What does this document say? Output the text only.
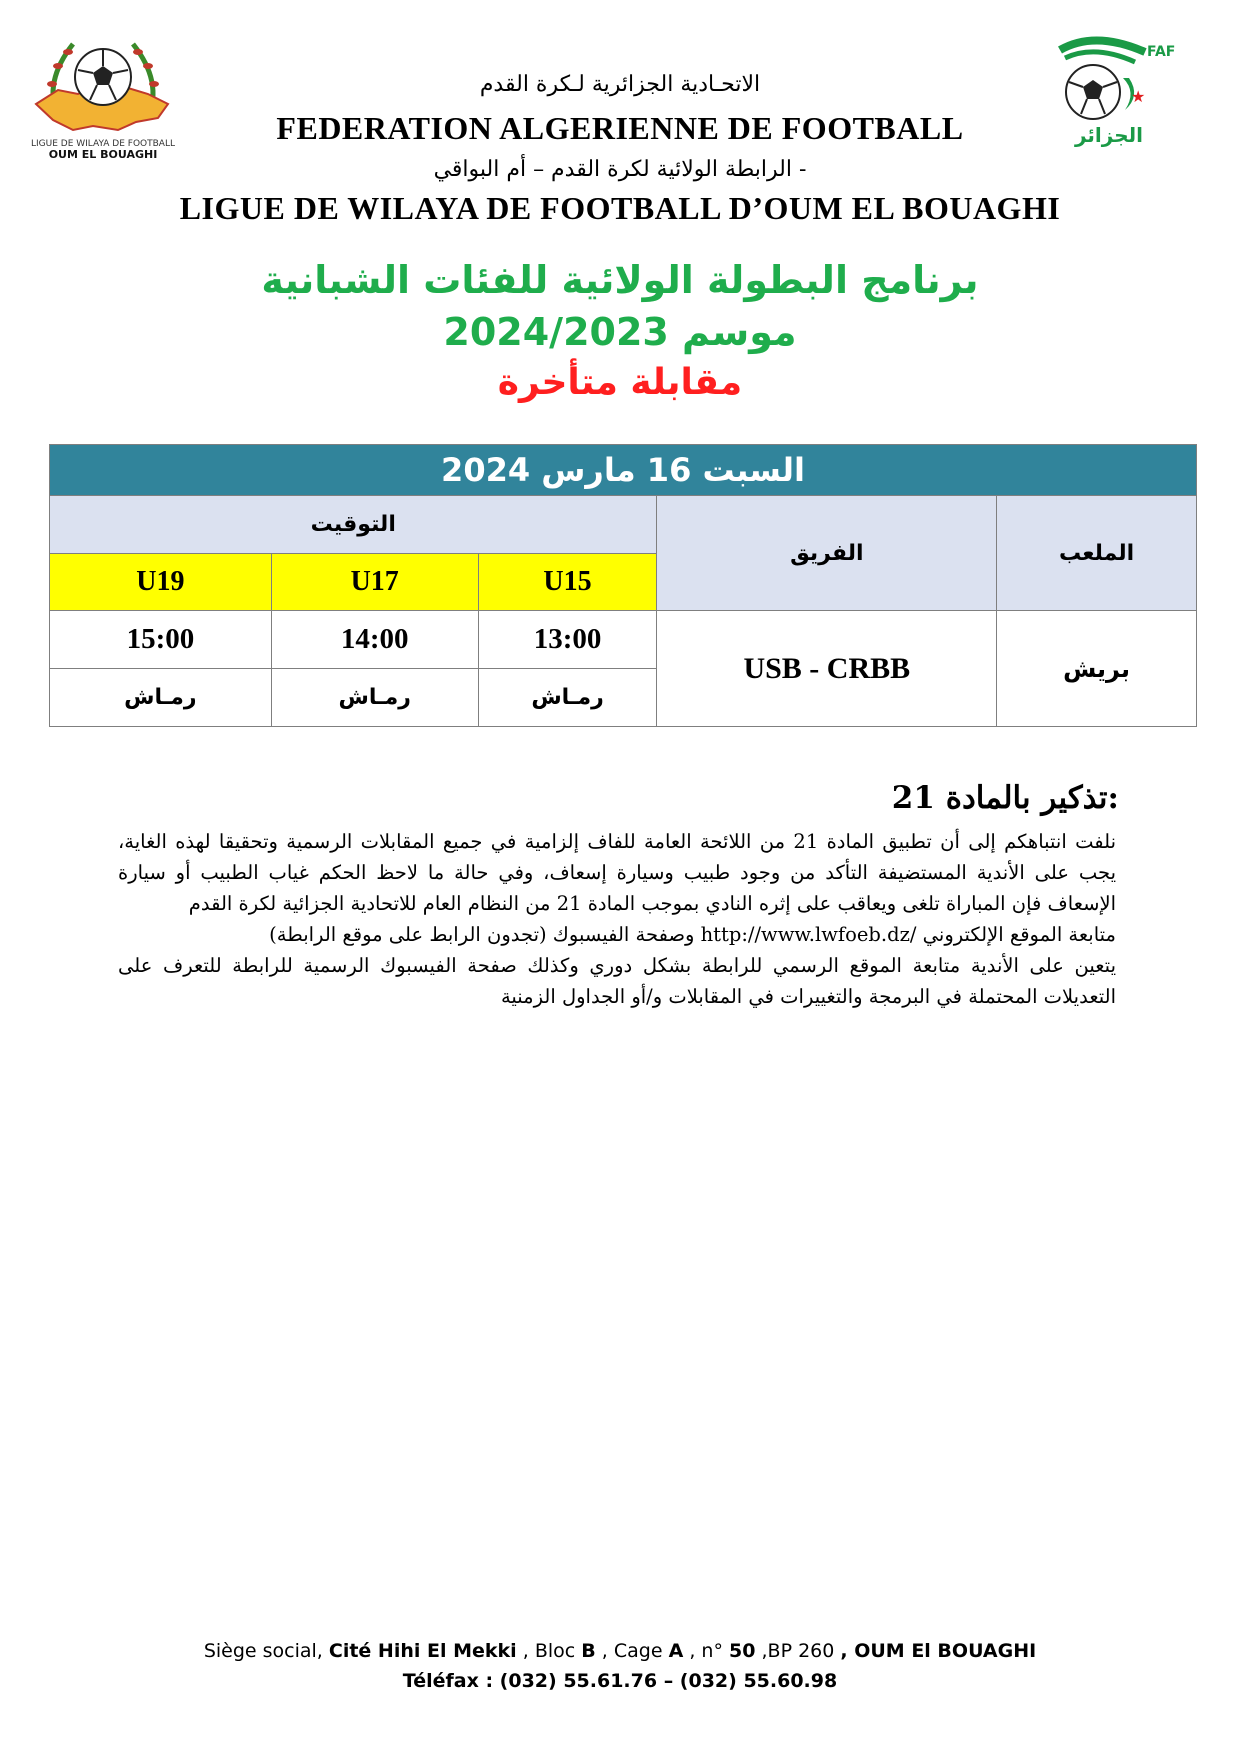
LIGUE DE WILAYA DE FOOTBALL
OUM EL BOUAGHI
FAF
★
الجزائر
الاتحـادية الجزائرية لـكرة القدم
FEDERATION ALGERIENNE DE FOOTBALL
الرابطة الولائية لكرة القدم – أم البواقي -
LIGUE DE WILAYA DE FOOTBALL D’OUM EL BOUAGHI
برنامج البطولة الولائية للفئات الشبانية
موسم 2024/2023
مقابلة متأخرة
السبت 16 مارس 2024				
التوقيت			الفريق	الملعب
U19	U17	U15		
15:00	14:00	13:00	USB - CRBB	بريش
رمـاش	رمـاش	رمـاش		
تذكير بالمادة 21:

نلفت انتباهكم إلى أن تطبيق المادة 21 من اللائحة العامة للفاف إلزامية في جميع المقابلات الرسمية وتحقيقا لهذه الغاية، يجب على الأندية المستضيفة التأكد من وجود طبيب وسيارة إسعاف، وفي حالة ما لاحظ الحكم غياب الطبيب أو سيارة الإسعاف فإن المباراة تلغى ويعاقب على إثره النادي بموجب المادة 21 من النظام العام للاتحادية الجزائية لكرة القدم

متابعة الموقع الإلكتروني /http://www.lwfoeb.dz وصفحة الفيسبوك (تجدون الرابط على موقع الرابطة)

يتعين على الأندية متابعة الموقع الرسمي للرابطة بشكل دوري وكذلك صفحة الفيسبوك الرسمية للرابطة للتعرف على التعديلات المحتملة في البرمجة والتغييرات في المقابلات و/أو الجداول الزمنية

Siège social, Cité Hihi El Mekki , Bloc B , Cage A , n° 50 ,BP 260 , OUM El BOUAGHI
Téléfax : (032) 55.61.76 – (032) 55.60.98
